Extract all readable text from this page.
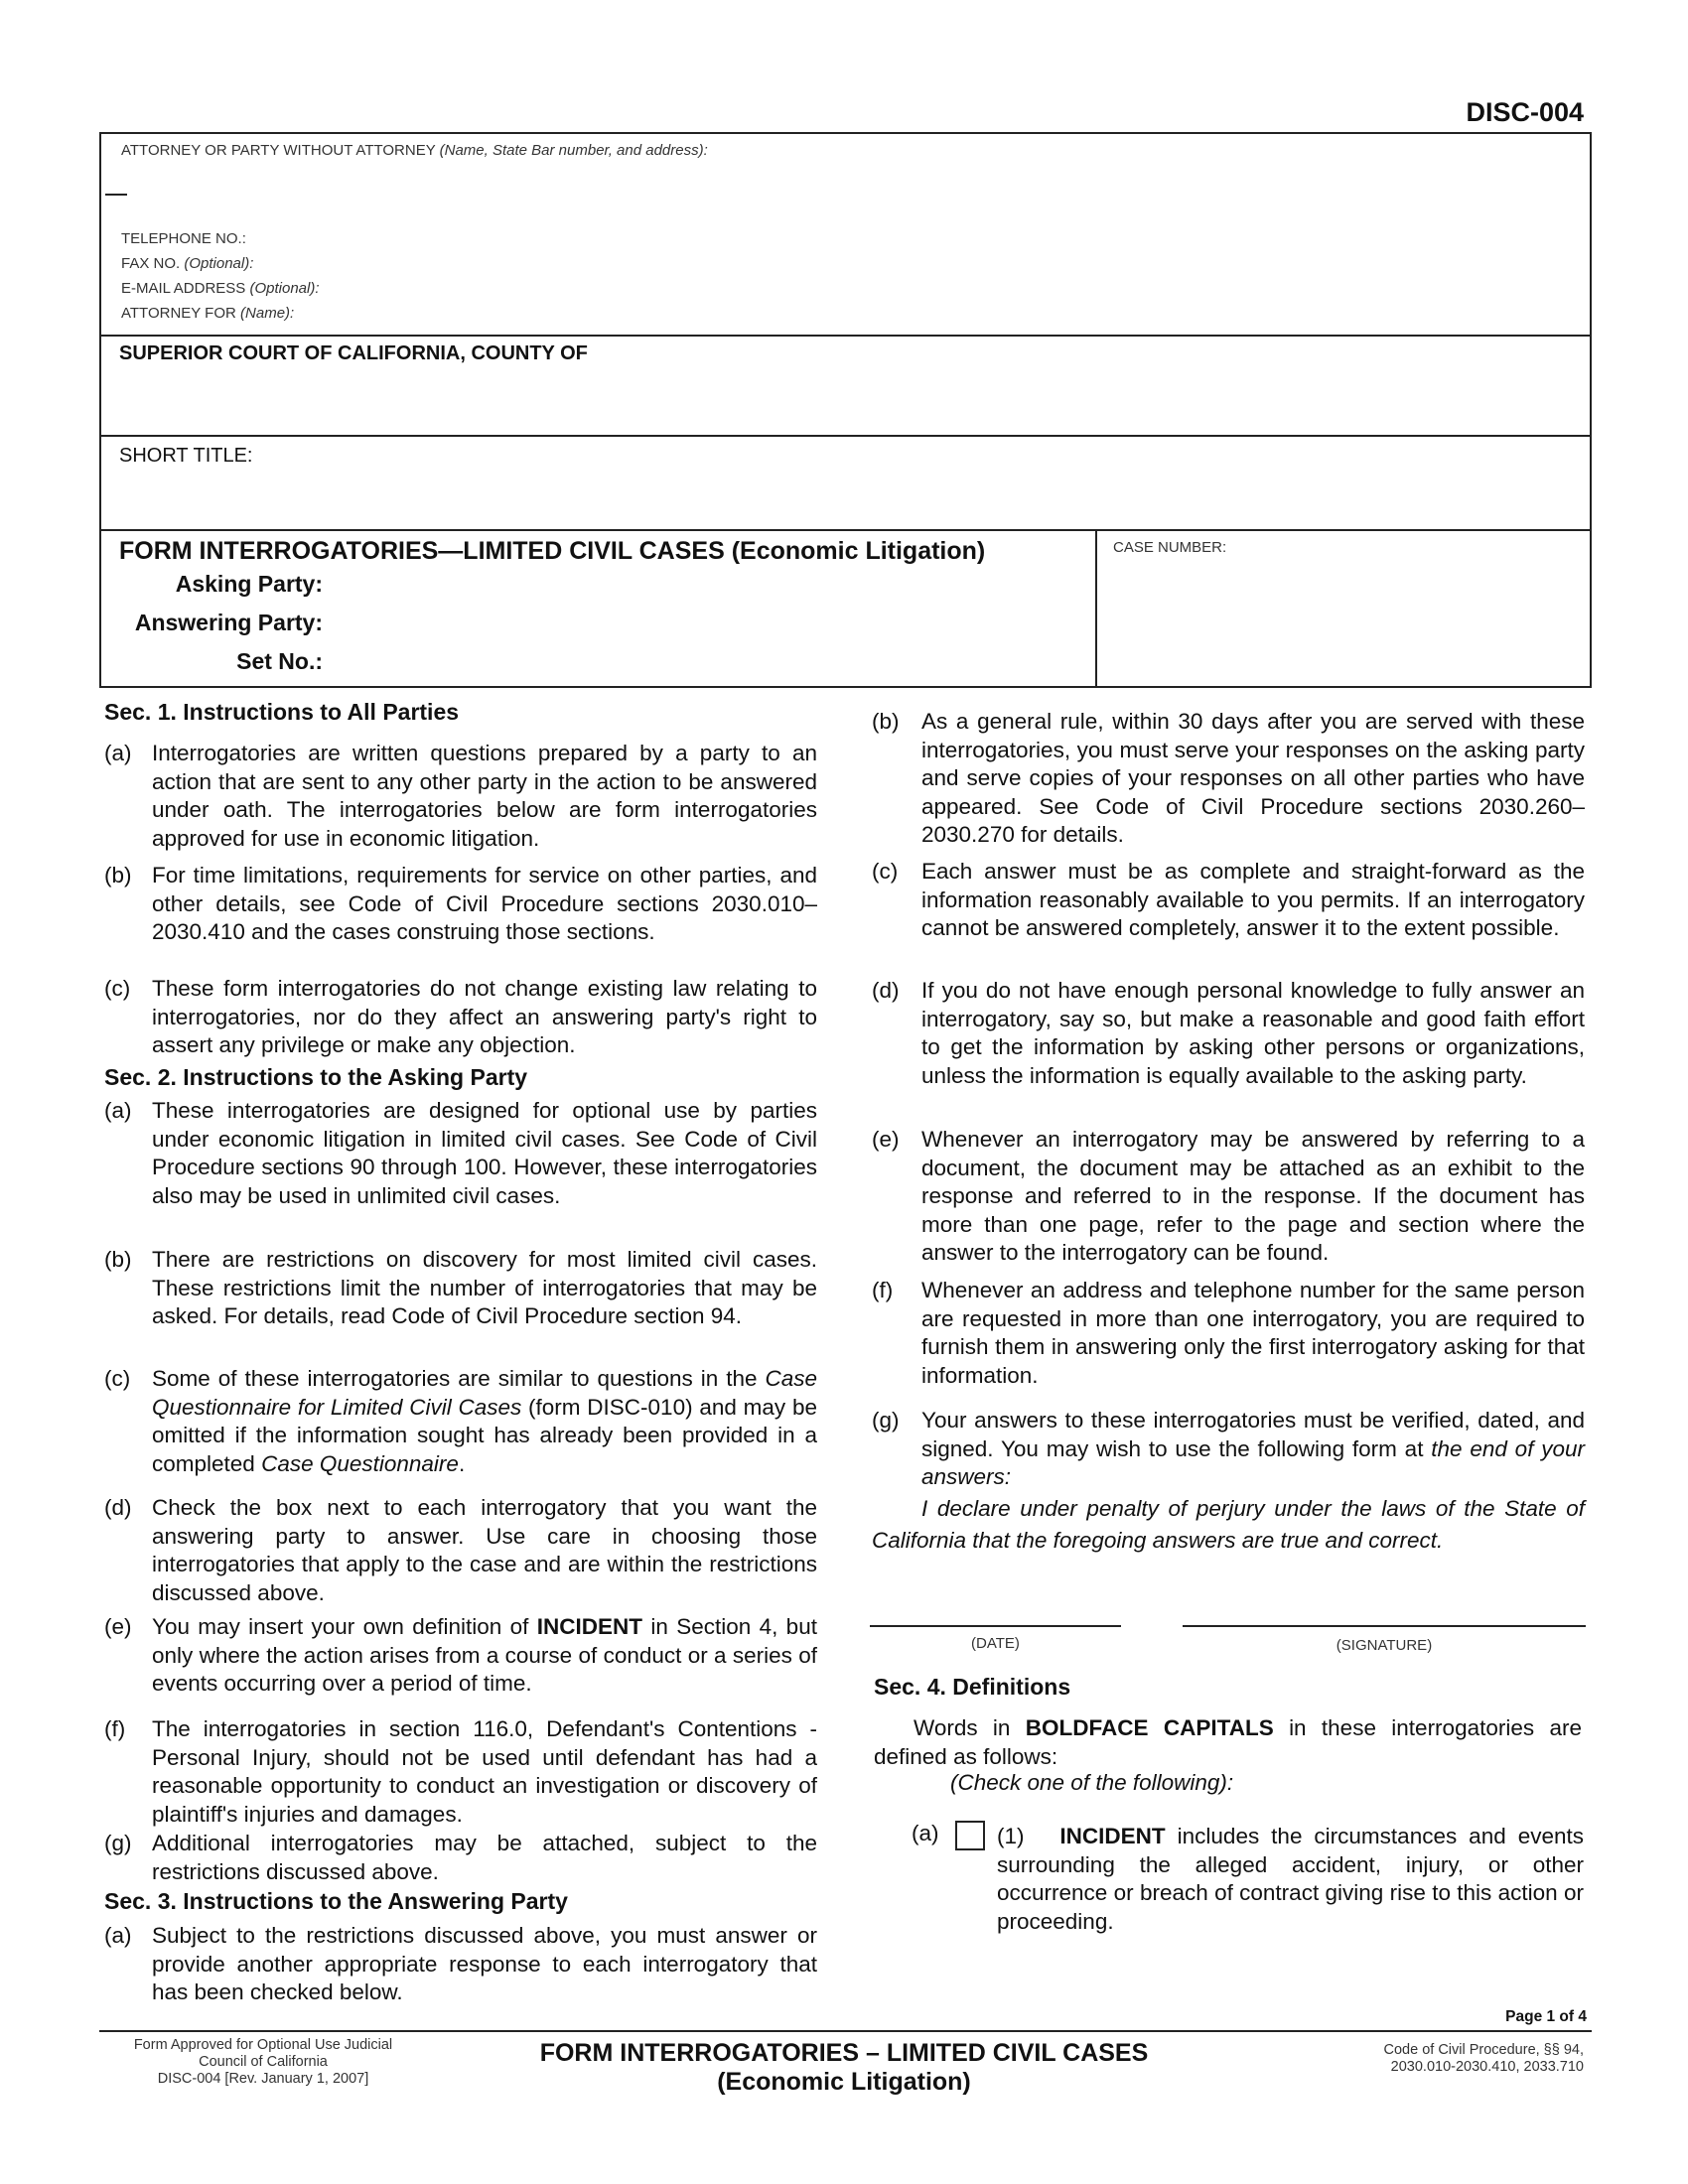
DISC-004
ATTORNEY OR PARTY WITHOUT ATTORNEY (Name, State Bar number, and address):
TELEPHONE NO.:
FAX NO. (Optional):
E-MAIL ADDRESS (Optional):
ATTORNEY FOR (Name):
SUPERIOR COURT OF CALIFORNIA, COUNTY OF
SHORT TITLE:
FORM INTERROGATORIES—LIMITED CIVIL CASES (Economic Litigation)
Asking Party:
Answering Party:
Set No.:
CASE NUMBER:
Sec. 1. Instructions to All Parties
(a) Interrogatories are written questions prepared by a party to an action that are sent to any other party in the action to be answered under oath. The interrogatories below are form interrogatories approved for use in economic litigation.
(b) For time limitations, requirements for service on other parties, and other details, see Code of Civil Procedure sections 2030.010–2030.410 and the cases construing those sections.
(c) These form interrogatories do not change existing law relating to interrogatories, nor do they affect an answering party's right to assert any privilege or make any objection.
Sec. 2. Instructions to the Asking Party
(a) These interrogatories are designed for optional use by parties under economic litigation in limited civil cases. See Code of Civil Procedure sections 90 through 100. However, these interrogatories also may be used in unlimited civil cases.
(b) There are restrictions on discovery for most limited civil cases. These restrictions limit the number of interrogatories that may be asked. For details, read Code of Civil Procedure section 94.
(c) Some of these interrogatories are similar to questions in the Case Questionnaire for Limited Civil Cases (form DISC-010) and may be omitted if the information sought has already been provided in a completed Case Questionnaire.
(d) Check the box next to each interrogatory that you want the answering party to answer. Use care in choosing those interrogatories that apply to the case and are within the restrictions discussed above.
(e) You may insert your own definition of INCIDENT in Section 4, but only where the action arises from a course of conduct or a series of events occurring over a period of time.
(f)	The interrogatories in section 116.0, Defendant's Contentions - Personal Injury, should not be used until defendant has had a reasonable opportunity to conduct an investigation or discovery of plaintiff's injuries and damages.
(g) Additional interrogatories may be attached, subject to the restrictions discussed above.
Sec. 3. Instructions to the Answering Party
(a) Subject to the restrictions discussed above, you must answer or provide another appropriate response to each interrogatory that has been checked below.
(b)	As a general rule, within 30 days after you are served with these interrogatories, you must serve your responses on the asking party and serve copies of your responses on all other parties who have appeared. See Code of Civil Procedure sections 2030.260–2030.270 for details.
(c)	Each answer must be as complete and straight-forward as the information reasonably available to you permits. If an interrogatory cannot be answered completely, answer it to the extent possible.
(d)	If you do not have enough personal knowledge to fully answer an interrogatory, say so, but make a reasonable and good faith effort to get the information by asking other persons or organizations, unless the information is equally available to the asking party.
(e)	Whenever an interrogatory may be answered by referring to a document, the document may be attached as an exhibit to the response and referred to in the response. If the document has more than one page, refer to the page and section where the answer to the interrogatory can be found.
(f)	Whenever an address and telephone number for the same person are requested in more than one interrogatory, you are required to furnish them in answering only the first interrogatory asking for that information.
(g)	Your answers to these interrogatories must be verified, dated, and signed. You may wish to use the following form at the end of your answers:
I declare under penalty of perjury under the laws of the State of California that the foregoing answers are true and correct.
(DATE)	(SIGNATURE)
Sec. 4. Definitions
Words in BOLDFACE CAPITALS in these interrogatories are defined as follows:
(Check one of the following):
(a)	(1) INCIDENT includes the circumstances and events surrounding the alleged accident, injury, or other occurrence or breach of contract giving rise to this action or proceeding.
Page 1 of 4
Form Approved for Optional Use Judicial
Council of California
DISC-004 [Rev. January 1, 2007]
FORM INTERROGATORIES – LIMITED CIVIL CASES
(Economic Litigation)
Code of Civil Procedure, §§ 94,
2030.010-2030.410, 2033.710
